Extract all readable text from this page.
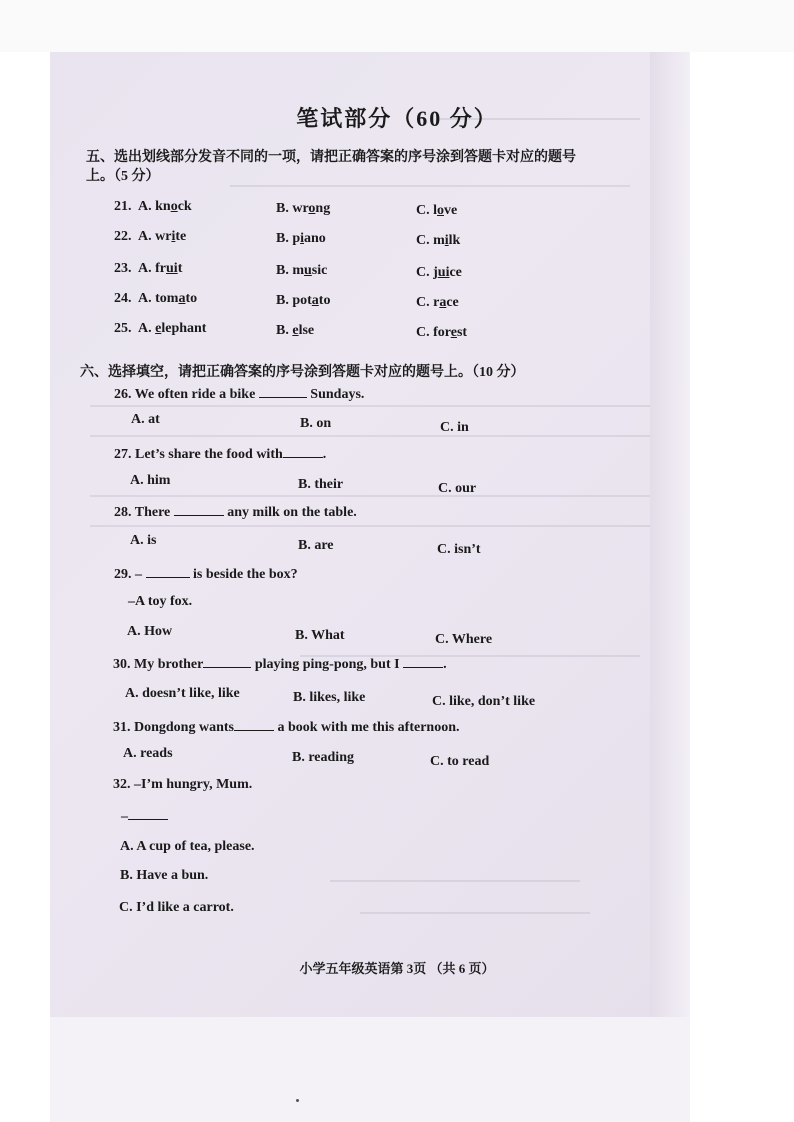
笔试部分（60 分）
五、选出划线部分发音不同的一项，请把正确答案的序号涂到答题卡对应的题号
上。（5 分）
21. A. knock	B. wrong	C. love
22. A. write	B. piano	C. milk
23. A. fruit	B. music	C. juice
24. A. tomato	B. potato	C. race
25. A. elephant	B. else	C. forest
六、选择填空，请把正确答案的序号涂到答题卡对应的题号上。（10 分）
26. We often ride a bike	Sundays.
A. at	B. on	C. in
27. Let’s share the food with	.
A. him	B. their	C. our
28. There	any milk on the table.
A. is	B. are	C. isn’t
29. –	is beside the box?
–A toy fox.
A. How	B. What	C. Where
30. My brother	playing ping-pong, but I	.
A. doesn’t like, like	B. likes, like	C. like, don’t like
31. Dongdong wants	a book with me this afternoon.
A. reads	B. reading	C. to read
32. –I’m hungry, Mum.
–
A. A cup of tea, please.
B. Have a bun.
C. I’d like a carrot.
小学五年级英语第 3页 （共 6 页）
